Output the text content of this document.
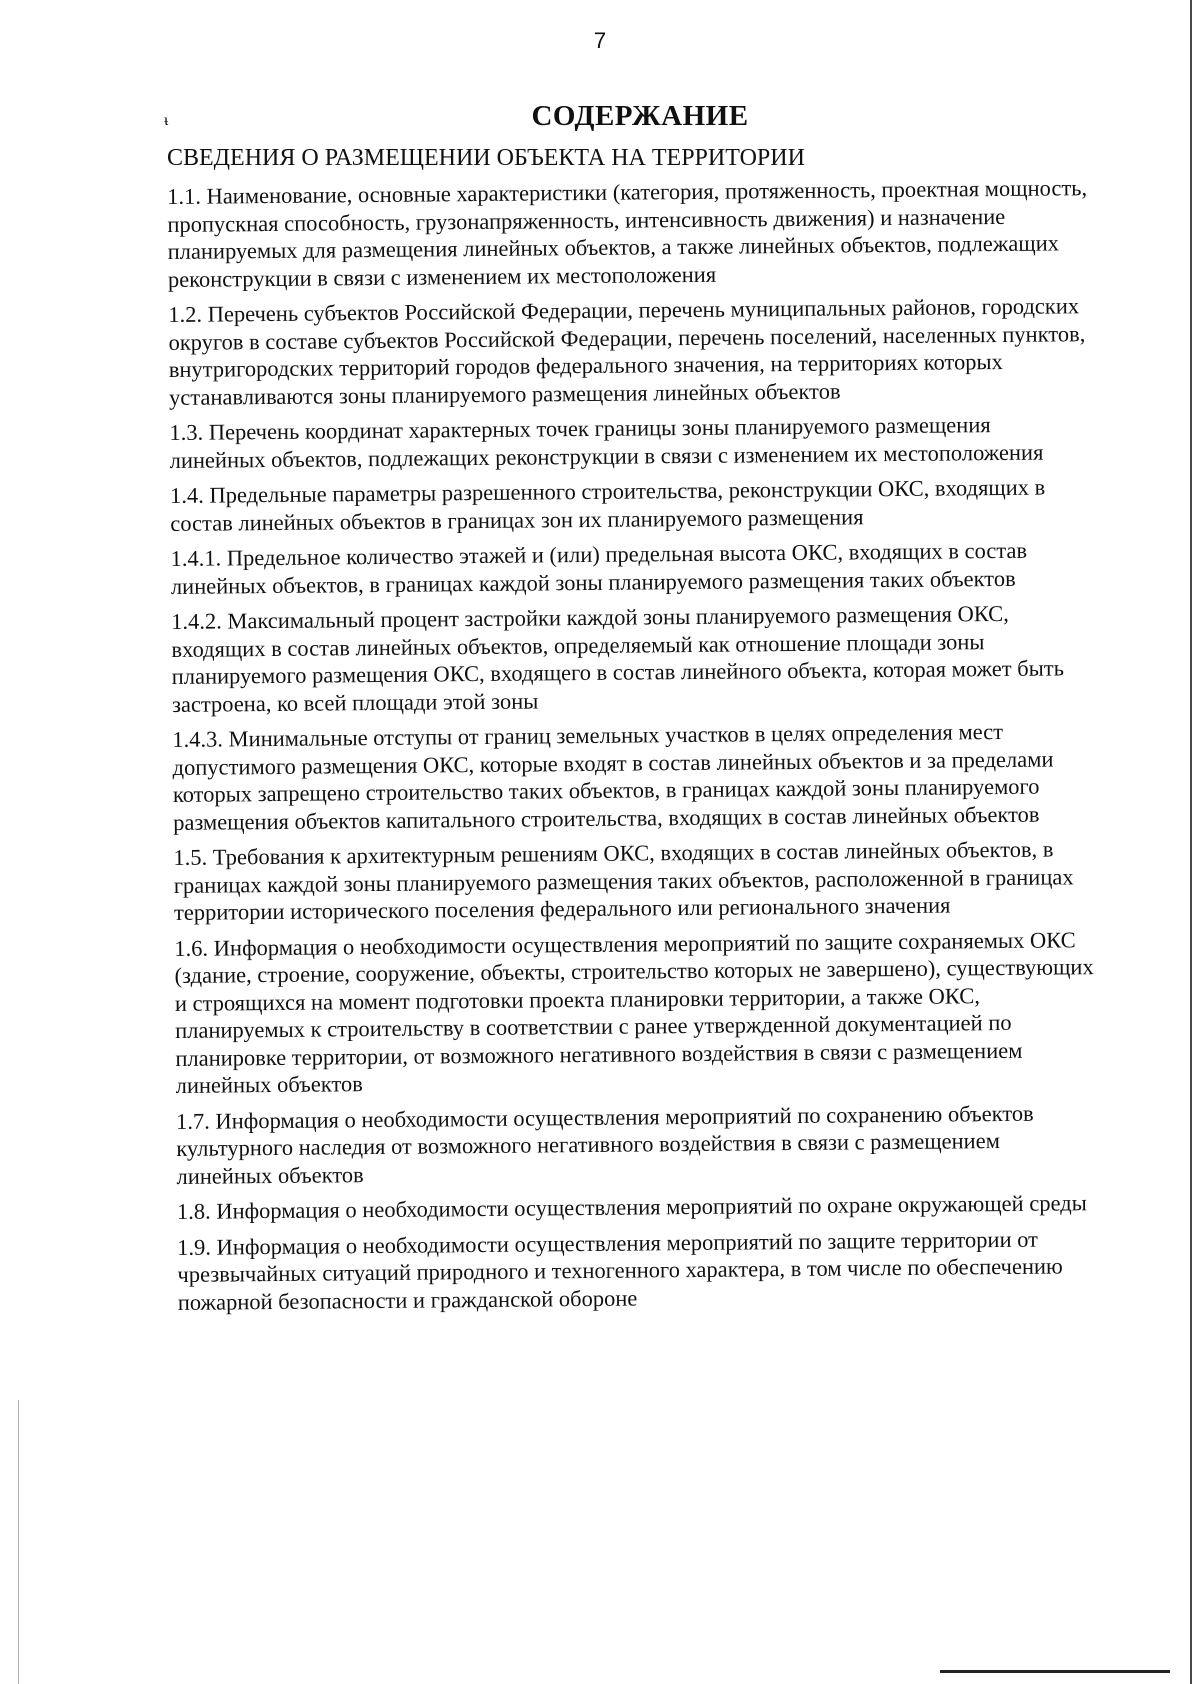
7
ᵼ	СОДЕРЖАНИЕ
СВЕДЕНИЯ О РАЗМЕЩЕНИИ ОБЪЕКТА НА ТЕРРИТОРИИ

1.1. Наименование, основные характеристики (категория, протяженность, проектная мощность, пропускная способность, грузонапряженность, интенсивность движения) и назначение планируемых для размещения линейных объектов, а также линейных объектов, подлежащих реконструкции в связи с изменением их местоположения

1.2. Перечень субъектов Российской Федерации, перечень муниципальных районов, городских округов в составе субъектов Российской Федерации, перечень поселений, населенных пунктов, внутригородских территорий городов федерального значения, на территориях которых устанавливаются зоны планируемого размещения линейных объектов

1.3. Перечень координат характерных точек границы зоны планируемого размещения линейных объектов, подлежащих реконструкции в связи с изменением их местоположения

1.4. Предельные параметры разрешенного строительства, реконструкции ОКС, входящих в состав линейных объектов в границах зон их планируемого размещения

1.4.1. Предельное количество этажей и (или) предельная высота ОКС, входящих в состав линейных объектов, в границах каждой зоны планируемого размещения таких объектов

1.4.2. Максимальный процент застройки каждой зоны планируемого размещения ОКС, входящих в состав линейных объектов, определяемый как отношение площади зоны планируемого размещения ОКС, входящего в состав линейного объекта, которая может быть застроена, ко всей площади этой зоны

1.4.3. Минимальные отступы от границ земельных участков в целях определения мест допустимого размещения ОКС, которые входят в состав линейных объектов и за пределами которых запрещено строительство таких объектов, в границах каждой зоны планируемого размещения объектов капитального строительства, входящих в состав линейных объектов

1.5. Требования к архитектурным решениям ОКС, входящих в состав линейных объектов, в границах каждой зоны планируемого размещения таких объектов, расположенной в границах территории исторического поселения федерального или регионального значения

1.6. Информация о необходимости осуществления мероприятий по защите сохраняемых ОКС (здание, строение, сооружение, объекты, строительство которых не завершено), существующих и строящихся на момент подготовки проекта планировки территории, а также ОКС, планируемых к строительству в соответствии с ранее утвержденной документацией по планировке территории, от возможного негативного воздействия в связи с размещением линейных объектов

1.7. Информация о необходимости осуществления мероприятий по сохранению объектов культурного наследия от возможного негативного воздействия в связи с размещением линейных объектов

1.8. Информация о необходимости осуществления мероприятий по охране окружающей среды

1.9. Информация о необходимости осуществления мероприятий по защите территории от чрезвычайных ситуаций природного и техногенного характера, в том числе по обеспечению пожарной безопасности и гражданской обороне
